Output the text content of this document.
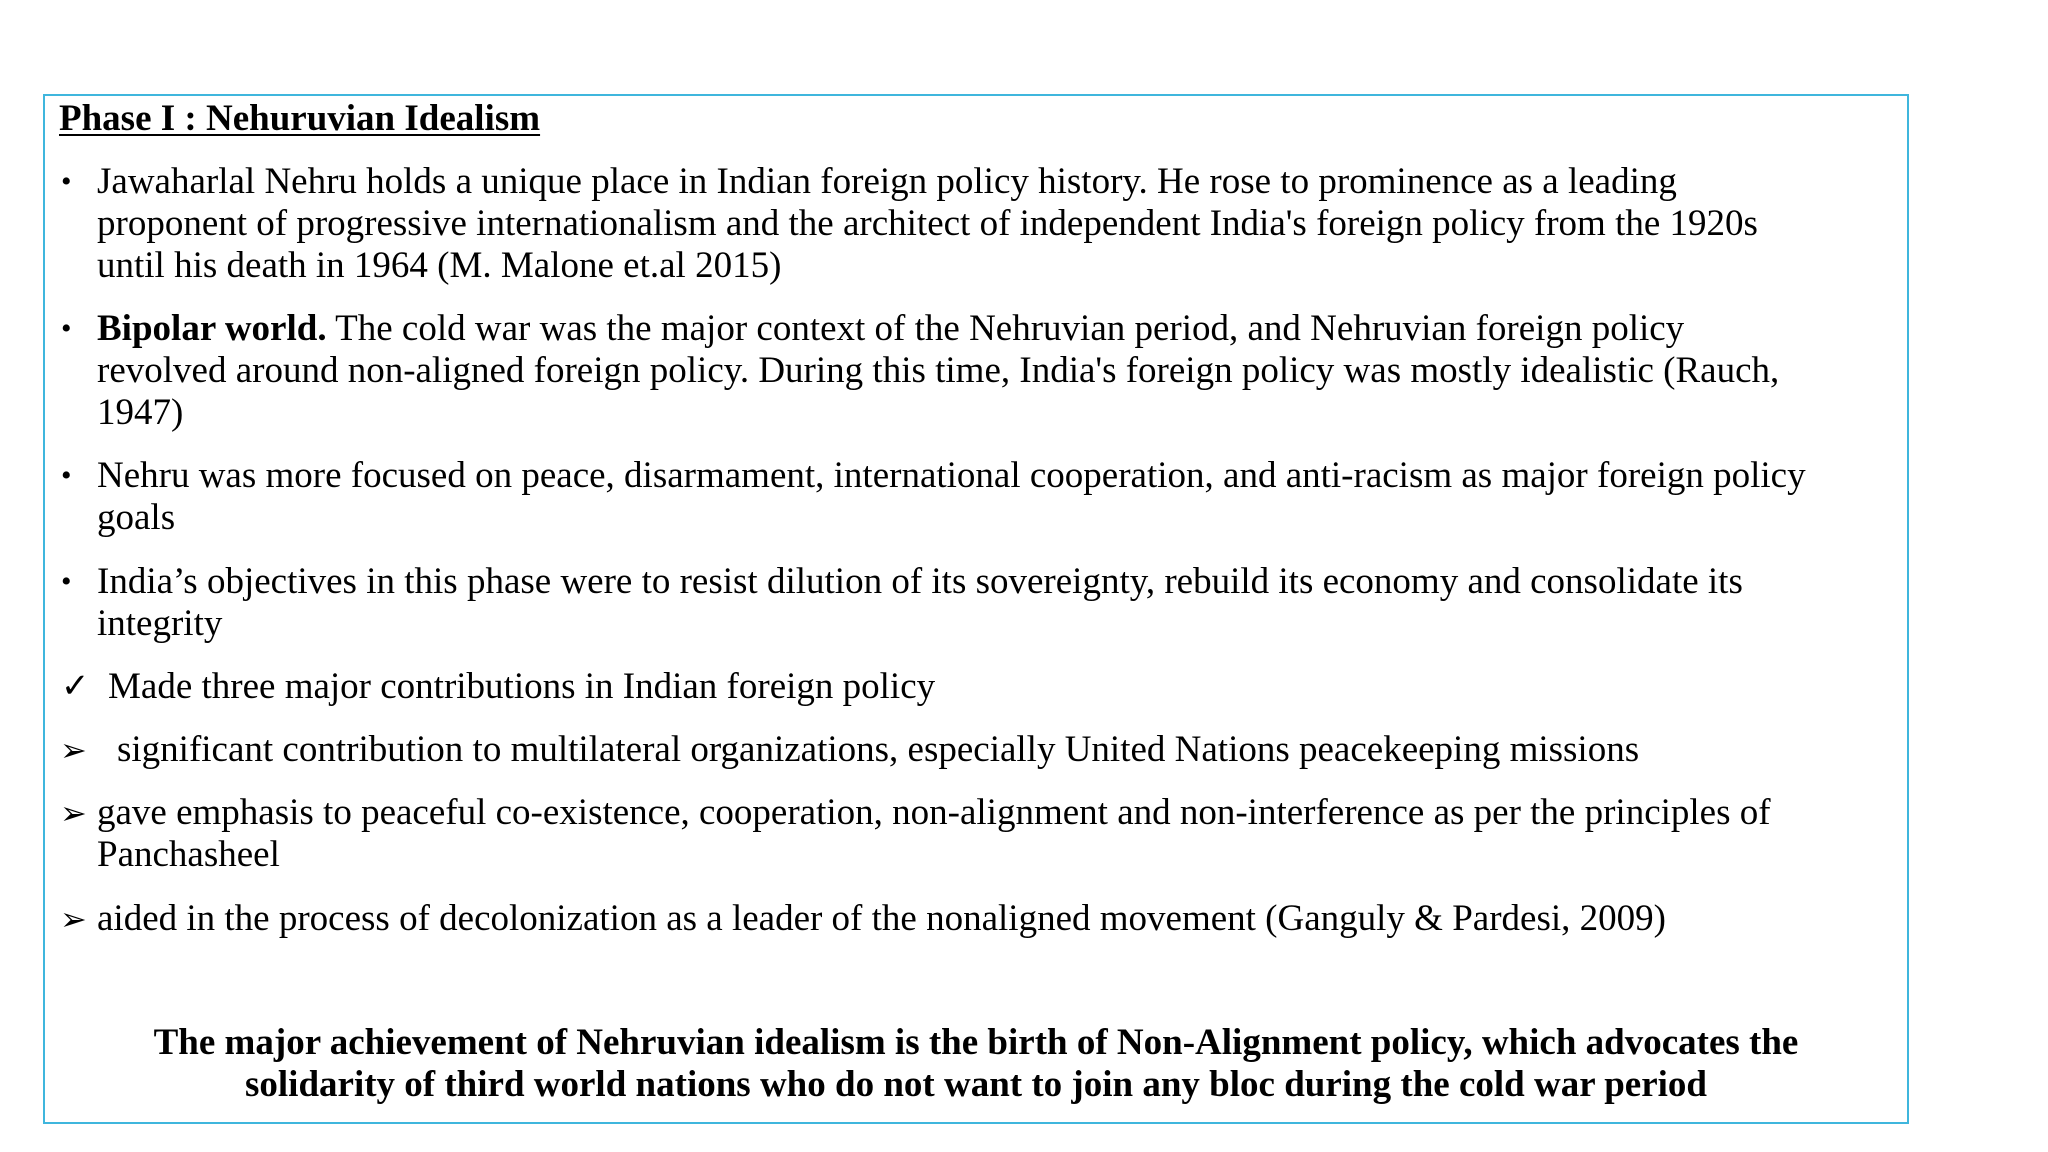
Phase I : Nehuruvian Idealism
• Jawaharlal Nehru holds a unique place in Indian foreign policy history. He rose to prominence as a leading
proponent of progressive internationalism and the architect of independent India's foreign policy from the 1920s
until his death in 1964 (M. Malone et.al 2015)
• Bipolar world. The cold war was the major context of the Nehruvian period, and Nehruvian foreign policy
revolved around non-aligned foreign policy. During this time, India's foreign policy was mostly idealistic (Rauch,
1947)
• Nehru was more focused on peace, disarmament, international cooperation, and anti-racism as major foreign policy
goals
• India’s objectives in this phase were to resist dilution of its sovereignty, rebuild its economy and consolidate its
integrity
✓ Made three major contributions in Indian foreign policy
➢ significant contribution to multilateral organizations, especially United Nations peacekeeping missions
➢ gave emphasis to peaceful co-existence, cooperation, non-alignment and non-interference as per the principles of
Panchasheel
➢ aided in the process of decolonization as a leader of the nonaligned movement (Ganguly & Pardesi, 2009)
The major achievement of Nehruvian idealism is the birth of Non-Alignment policy, which advocates the
solidarity of third world nations who do not want to join any bloc during the cold war period
